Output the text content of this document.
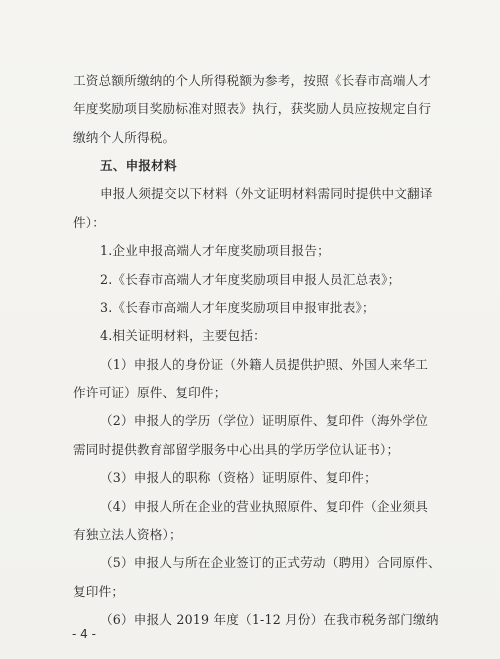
工资总额所缴纳的个人所得税额为参考，按照《长春市高端人才
年度奖励项目奖励标准对照表》执行，获奖励人员应按规定自行
缴纳个人所得税。
五、申报材料
申报人须提交以下材料（外文证明材料需同时提供中文翻译
件）：
1.企业申报高端人才年度奖励项目报告；
2.《长春市高端人才年度奖励项目申报人员汇总表》；
3.《长春市高端人才年度奖励项目申报审批表》；
4.相关证明材料，主要包括：
（1）申报人的身份证（外籍人员提供护照、外国人来华工
作许可证）原件、复印件；
（2）申报人的学历（学位）证明原件、复印件（海外学位
需同时提供教育部留学服务中心出具的学历学位认证书）；
（3）申报人的职称（资格）证明原件、复印件；
（4）申报人所在企业的营业执照原件、复印件（企业须具
有独立法人资格）；
（5）申报人与所在企业签订的正式劳动（聘用）合同原件、
复印件；
（6）申报人 2019 年度（1-12 月份）在我市税务部门缴纳
- 4 -
